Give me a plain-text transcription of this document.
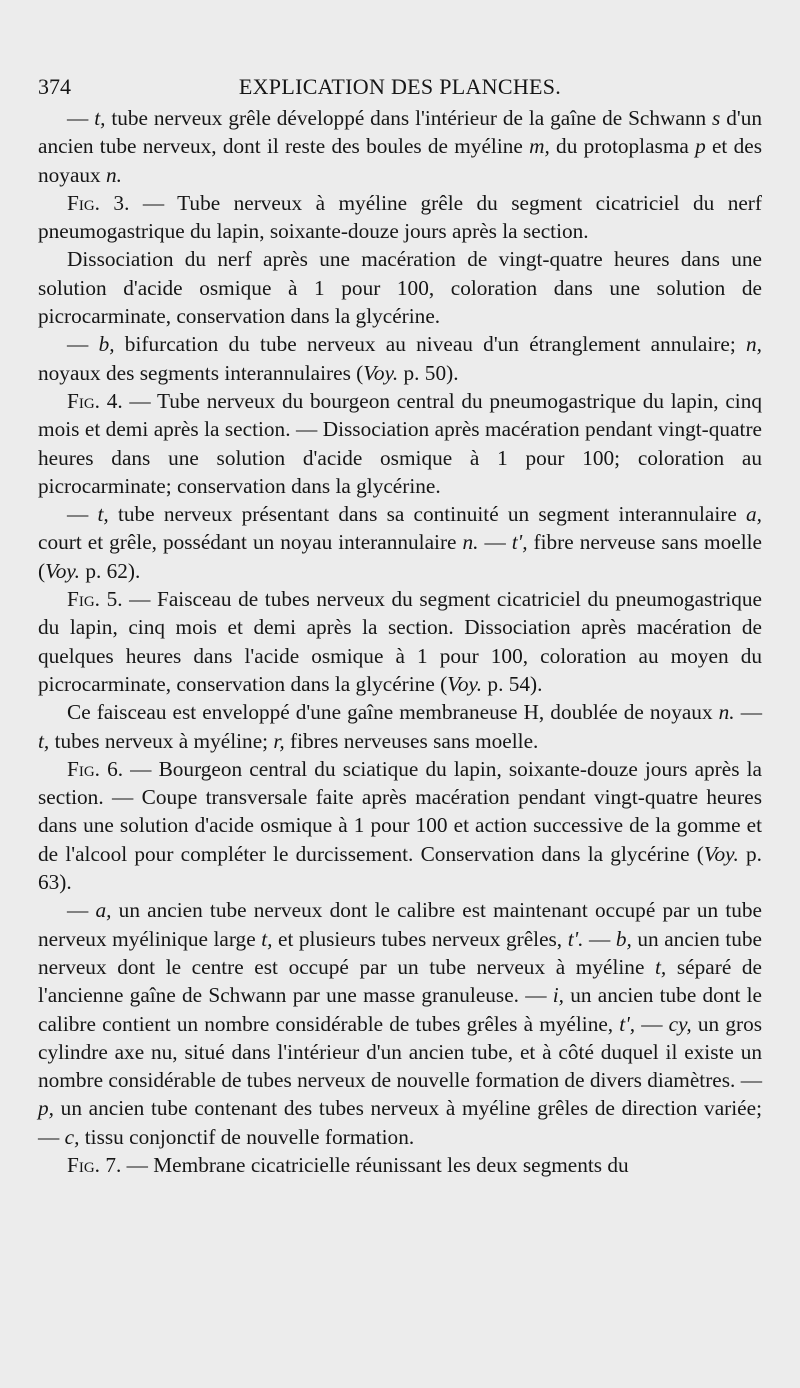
374	EXPLICATION DES PLANCHES.

— t, tube nerveux grêle développé dans l'intérieur de la gaîne de Schwann s d'un ancien tube nerveux, dont il reste des boules de myéline m, du protoplasma p et des noyaux n.

Fig. 3. — Tube nerveux à myéline grêle du segment cicatriciel du nerf pneumogastrique du lapin, soixante-douze jours après la section.

Dissociation du nerf après une macération de vingt-quatre heures dans une solution d'acide osmique à 1 pour 100, coloration dans une solution de picrocarminate, conservation dans la glycérine.

— b, bifurcation du tube nerveux au niveau d'un étranglement annulaire; n, noyaux des segments interannulaires (Voy. p. 50).

Fig. 4. — Tube nerveux du bourgeon central du pneumogastrique du lapin, cinq mois et demi après la section. — Dissociation après macération pendant vingt-quatre heures dans une solution d'acide osmique à 1 pour 100; coloration au picrocarminate; conservation dans la glycérine.

— t, tube nerveux présentant dans sa continuité un segment interannulaire a, court et grêle, possédant un noyau interannulaire n. — t', fibre nerveuse sans moelle (Voy. p. 62).

Fig. 5. — Faisceau de tubes nerveux du segment cicatriciel du pneumogastrique du lapin, cinq mois et demi après la section. Dissociation après macération de quelques heures dans l'acide osmique à 1 pour 100, coloration au moyen du picrocarminate, conservation dans la glycérine (Voy. p. 54).

Ce faisceau est enveloppé d'une gaîne membraneuse H, doublée de noyaux n. — t, tubes nerveux à myéline; r, fibres nerveuses sans moelle.

Fig. 6. — Bourgeon central du sciatique du lapin, soixante-douze jours après la section. — Coupe transversale faite après macération pendant vingt-quatre heures dans une solution d'acide osmique à 1 pour 100 et action successive de la gomme et de l'alcool pour compléter le durcissement. Conservation dans la glycérine (Voy. p. 63).

— a, un ancien tube nerveux dont le calibre est maintenant occupé par un tube nerveux myélinique large t, et plusieurs tubes nerveux grêles, t'. — b, un ancien tube nerveux dont le centre est occupé par un tube nerveux à myéline t, séparé de l'ancienne gaîne de Schwann par une masse granuleuse. — i, un ancien tube dont le calibre contient un nombre considérable de tubes grêles à myéline, t', — cy, un gros cylindre axe nu, situé dans l'intérieur d'un ancien tube, et à côté duquel il existe un nombre considérable de tubes nerveux de nouvelle formation de divers diamètres. — p, un ancien tube contenant des tubes nerveux à myéline grêles de direction variée; — c, tissu conjonctif de nouvelle formation.

Fig. 7. — Membrane cicatricielle réunissant les deux segments du
